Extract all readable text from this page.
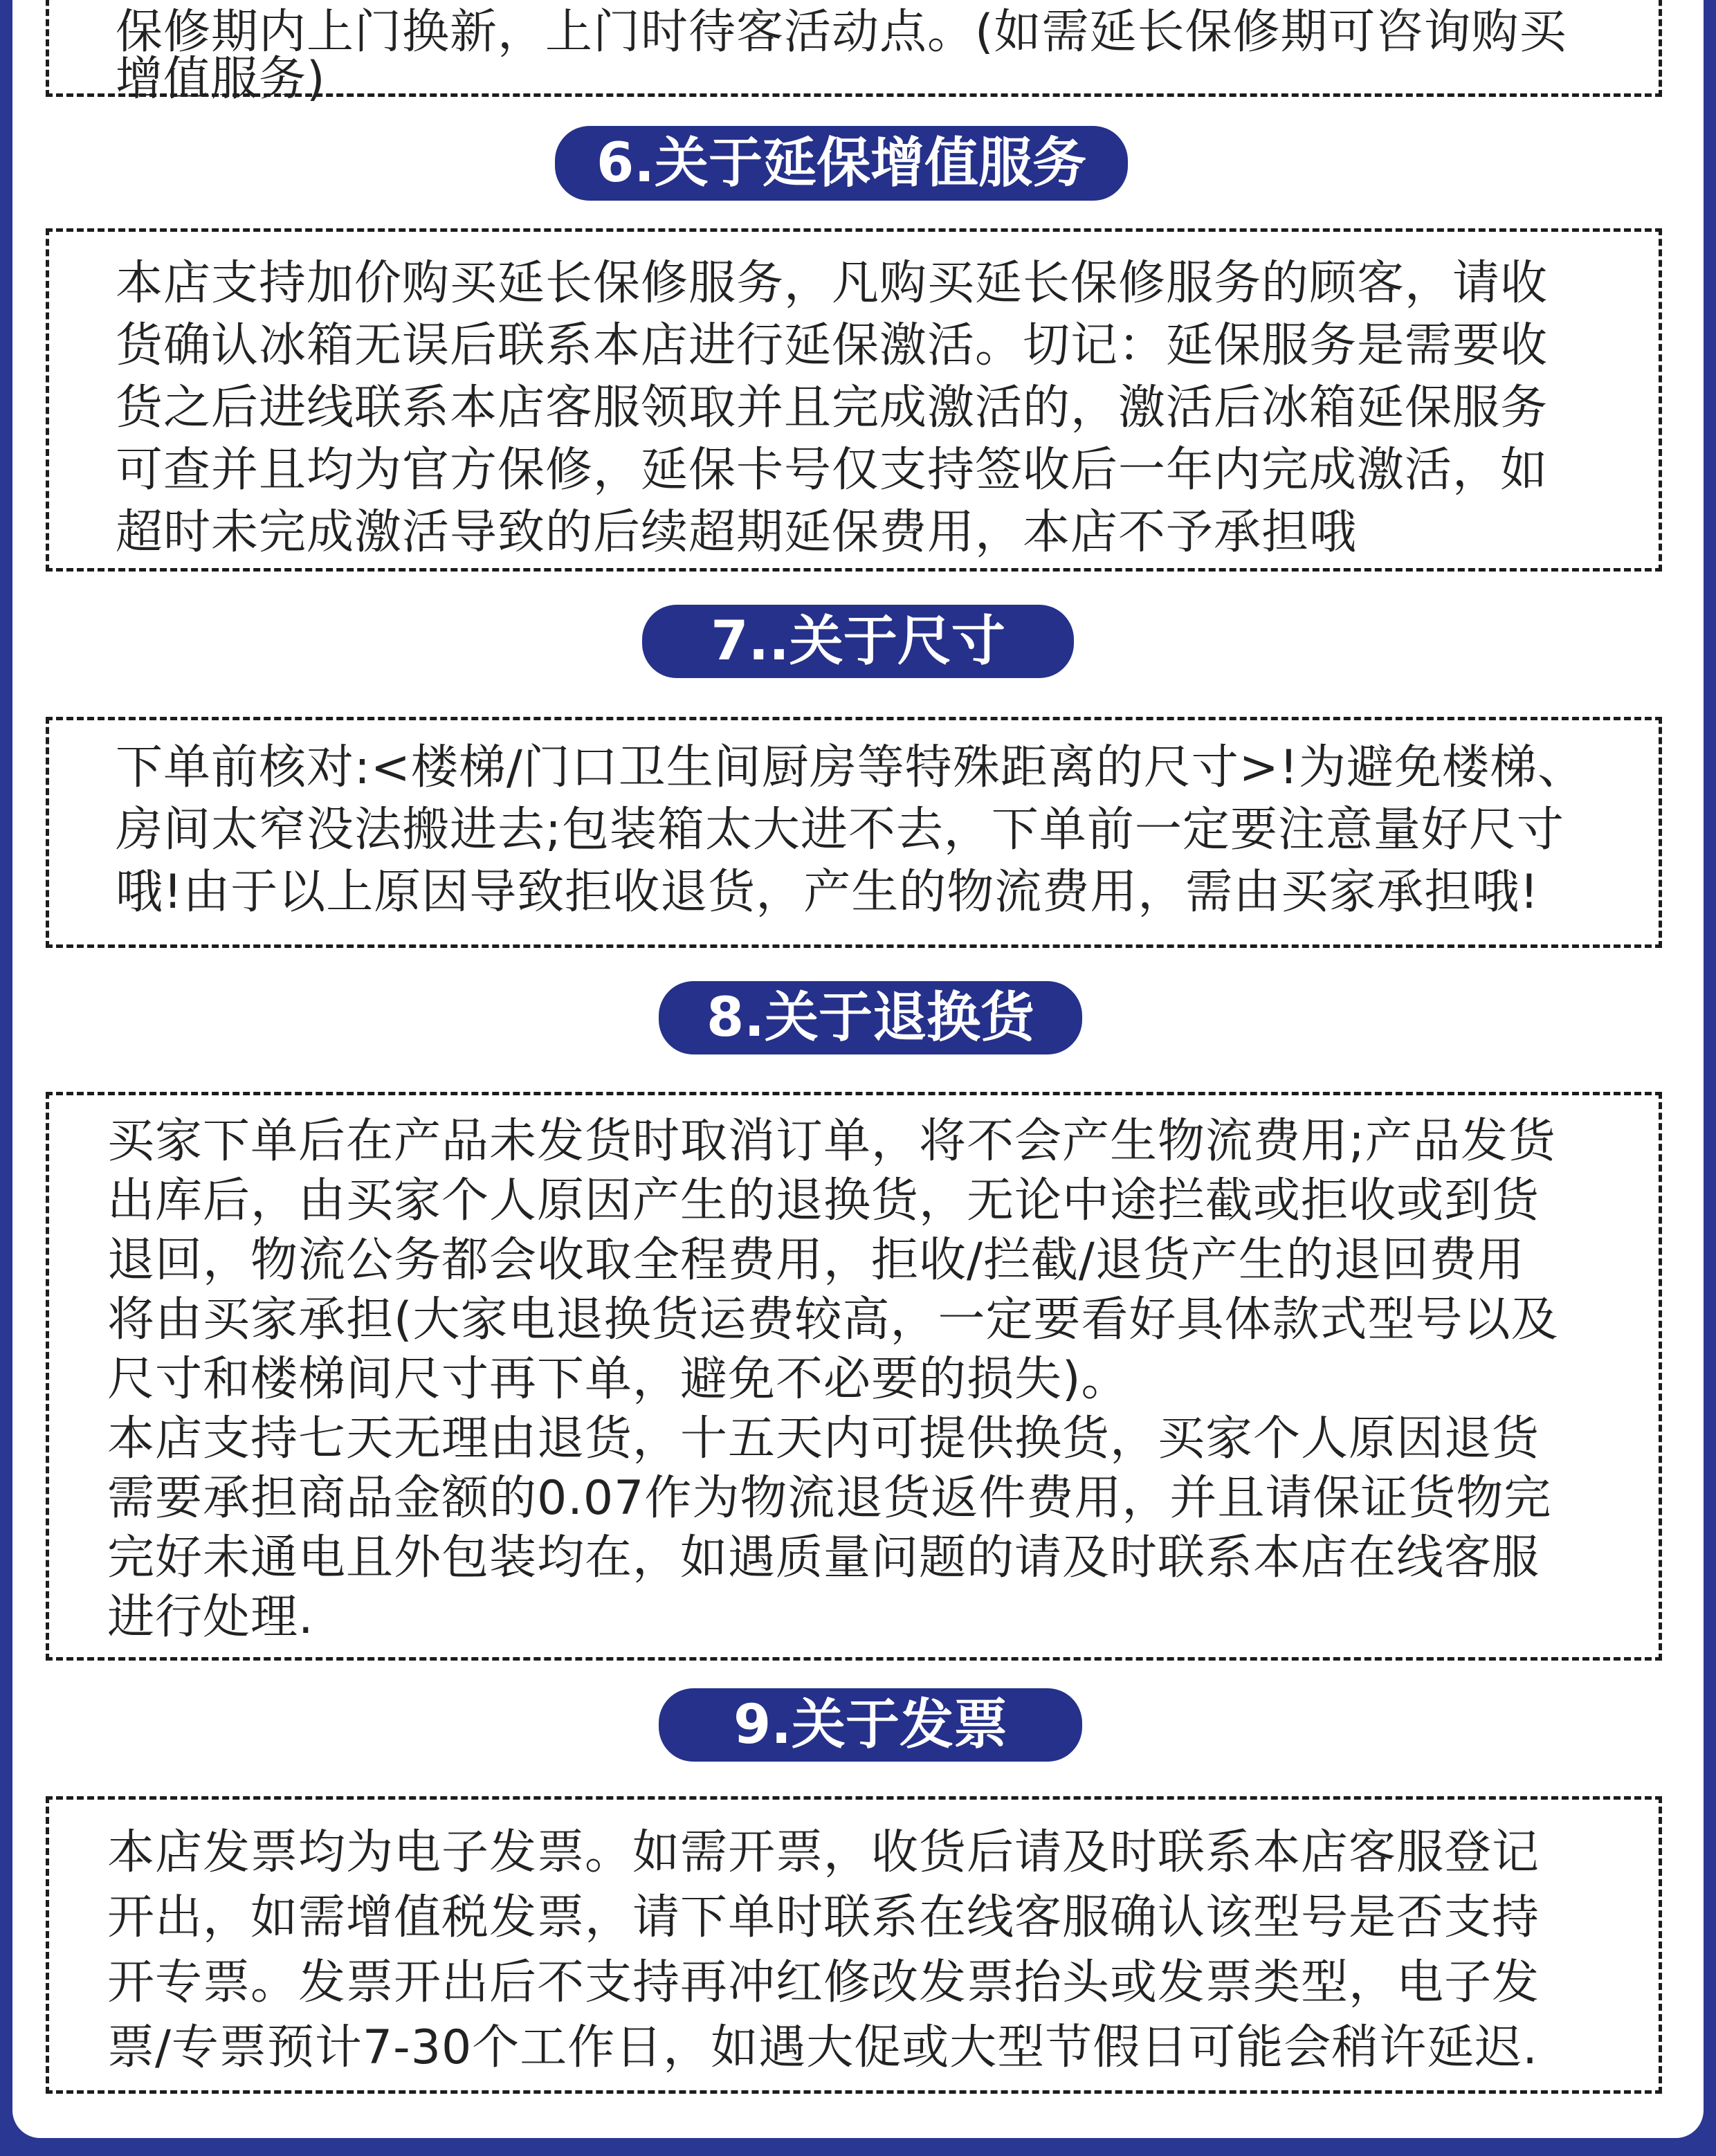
保修期内上门换新，上门时待客活动点。(如需延长保修期可咨询购买
增值服务)

6.关于延保增值服务

本店支持加价购买延长保修服务，凡购买延长保修服务的顾客，请收
货确认冰箱无误后联系本店进行延保激活。切记：延保服务是需要收
货之后进线联系本店客服领取并且完成激活的，激活后冰箱延保服务
可查并且均为官方保修，延保卡号仅支持签收后一年内完成激活，如
超时未完成激活导致的后续超期延保费用，本店不予承担哦

7..关于尺寸

下单前核对:<楼梯/门口卫生间厨房等特殊距离的尺寸>!为避免楼梯、
房间太窄没法搬进去;包装箱太大进不去，下单前一定要注意量好尺寸
哦!由于以上原因导致拒收退货，产生的物流费用，需由买家承担哦!

8.关于退换货

买家下单后在产品未发货时取消订单，将不会产生物流费用;产品发货
出库后，由买家个人原因产生的退换货，无论中途拦截或拒收或到货
退回，物流公务都会收取全程费用，拒收/拦截/退货产生的退回费用
将由买家承担(大家电退换货运费较高，一定要看好具体款式型号以及
尺寸和楼梯间尺寸再下单，避免不必要的损失)。
本店支持七天无理由退货，十五天内可提供换货，买家个人原因退货
需要承担商品金额的0.07作为物流退货返件费用，并且请保证货物完
完好未通电且外包装均在，如遇质量问题的请及时联系本店在线客服
进行处理.

9.关于发票

本店发票均为电子发票。如需开票，收货后请及时联系本店客服登记
开出，如需增值税发票，请下单时联系在线客服确认该型号是否支持
开专票。发票开出后不支持再冲红修改发票抬头或发票类型，电子发
票/专票预计7-30个工作日，如遇大促或大型节假日可能会稍许延迟.
